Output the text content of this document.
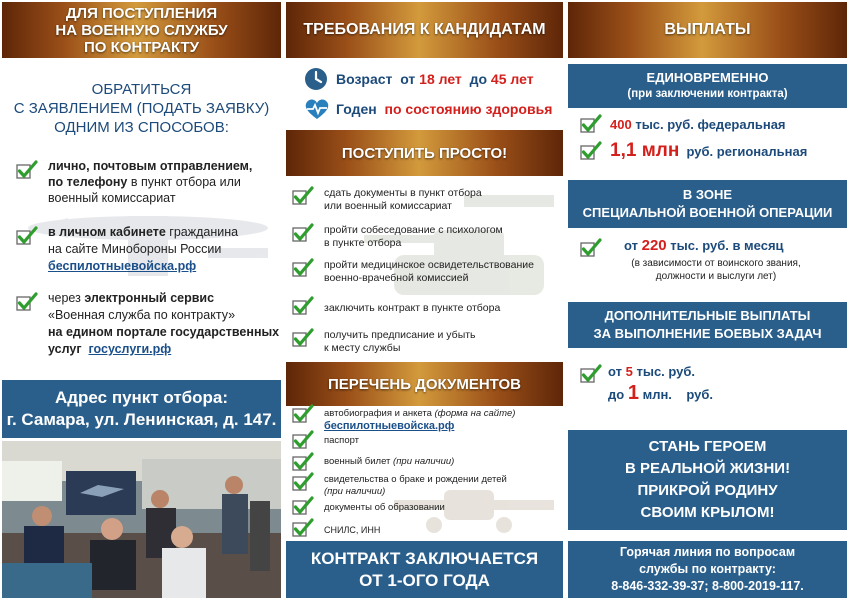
ДЛЯ ПОСТУПЛЕНИЯ
НА ВОЕННУЮ СЛУЖБУ
ПО КОНТРАКТУ
ОБРАТИТЬСЯ
С ЗАЯВЛЕНИЕМ (ПОДАТЬ ЗАЯВКУ)
ОДНИМ ИЗ СПОСОБОВ:
лично, почтовым отправлением,
по телефону в пункт отбора или
военный комиссариат
в личном кабинете гражданина
на сайте Минобороны России
беспилотныевойска.рф
через электронный сервис
«Военная служба по контракту»
на едином портале государственных
услуг госуслуги.рф
Адрес пункт отбора:
г. Самара, ул. Ленинская, д. 147.
ТРЕБОВАНИЯ К КАНДИДАТАМ
Возраст от 18 лет до 45 лет
Годен по состоянию здоровья
ПОСТУПИТЬ ПРОСТО!
сдать документы в пункт отбора
или военный комиссариат
пройти собеседование с психологом
в пункте отбора
пройти медицинское освидетельствование
военно-врачебной комиссией
заключить контракт в пункте отбора
получить предписание и убыть
к месту службы
ПЕРЕЧЕНЬ ДОКУМЕНТОВ
автобиография и анкета (форма на сайте)
беспилотныевойска.рф
паспорт
военный билет (при наличии)
свидетельства о браке и рождении детей
(при наличии)
документы об образовании
СНИЛС, ИНН
КОНТРАКТ ЗАКЛЮЧАЕТСЯ
ОТ 1-ОГО ГОДА
ВЫПЛАТЫ
ЕДИНОВРЕМЕННО
(при заключении контракта)
400 тыс. руб. федеральная
1,1 млн руб. региональная
В ЗОНЕ
СПЕЦИАЛЬНОЙ ВОЕННОЙ ОПЕРАЦИИ
от 220 тыс. руб. в месяц
(в зависимости от воинского звания,
должности и выслуги лет)
ДОПОЛНИТЕЛЬНЫЕ ВЫПЛАТЫ
ЗА ВЫПОЛНЕНИЕ БОЕВЫХ ЗАДАЧ
от 5 тыс. руб.
до 1 млн. руб.
СТАНЬ ГЕРОЕМ
В РЕАЛЬНОЙ ЖИЗНИ!
ПРИКРОЙ РОДИНУ
СВОИМ КРЫЛОМ!
Горячая линия по вопросам
службы по контракту:
8-846-332-39-37; 8-800-2019-117.
